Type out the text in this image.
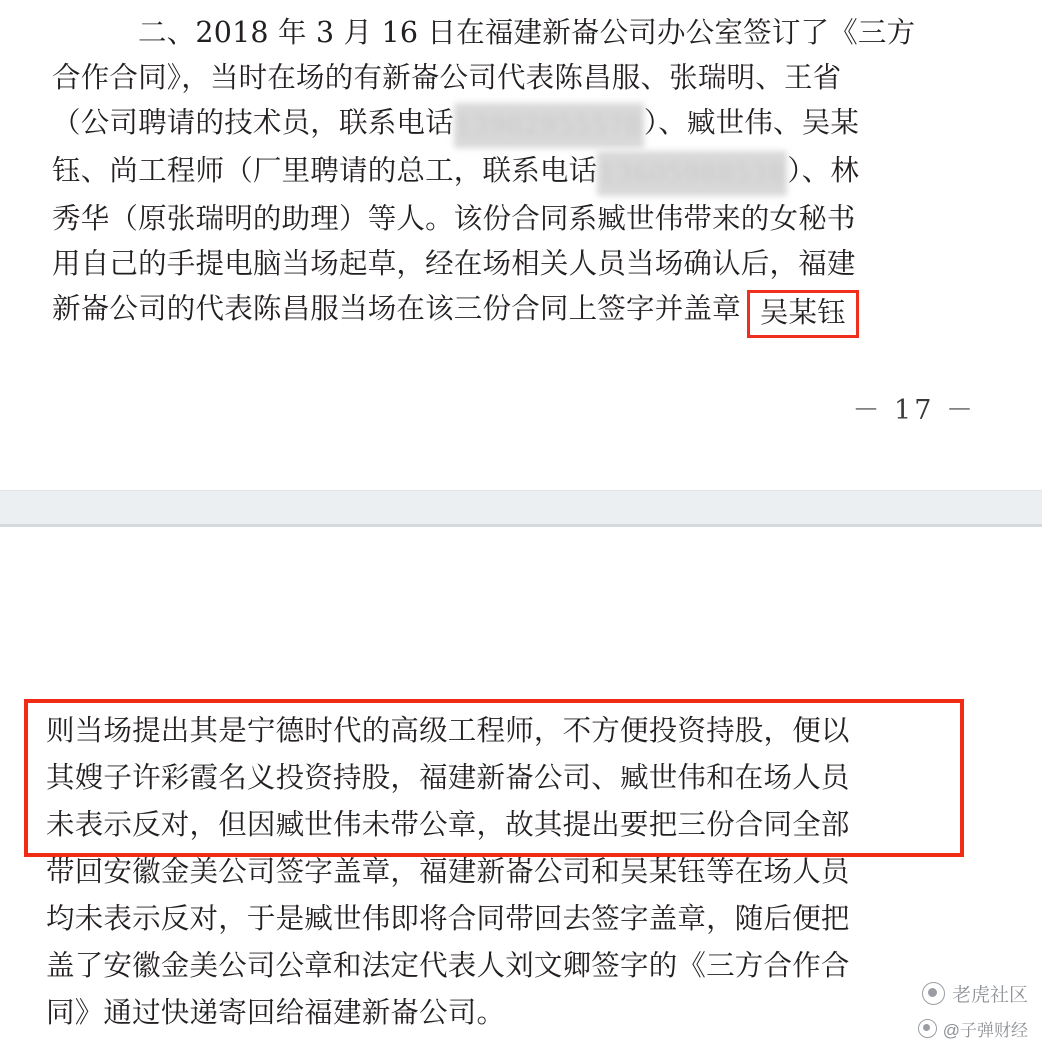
二、2018 年 3 月 16 日在福建新崙公司办公室签订了《三方
合作合同》，当时在场的有新崙公司代表陈昌服、张瑞明、王省
（公司聘请的技术员，联系电话13902955578）、臧世伟、吴某
钰、尚工程师（厂里聘请的总工，联系电话13605988538）、林
秀华（原张瑞明的助理）等人。该份合同系臧世伟带来的女秘书
用自己的手提电脑当场起草，经在场相关人员当场确认后，福建
新崙公司的代表陈昌服当场在该三份合同上签字并盖章 吴某钰
－ 17 －
则当场提出其是宁德时代的高级工程师，不方便投资持股，便以
其嫂子许彩霞名义投资持股，福建新崙公司、臧世伟和在场人员
未表示反对，但因臧世伟未带公章，故其提出要把三份合同全部
带回安徽金美公司签字盖章，福建新崙公司和吴某钰等在场人员
均未表示反对，于是臧世伟即将合同带回去签字盖章，随后便把
盖了安徽金美公司公章和法定代表人刘文卿签字的《三方合作合
同》通过快递寄回给福建新崙公司。
老虎社区
@子弹财经
